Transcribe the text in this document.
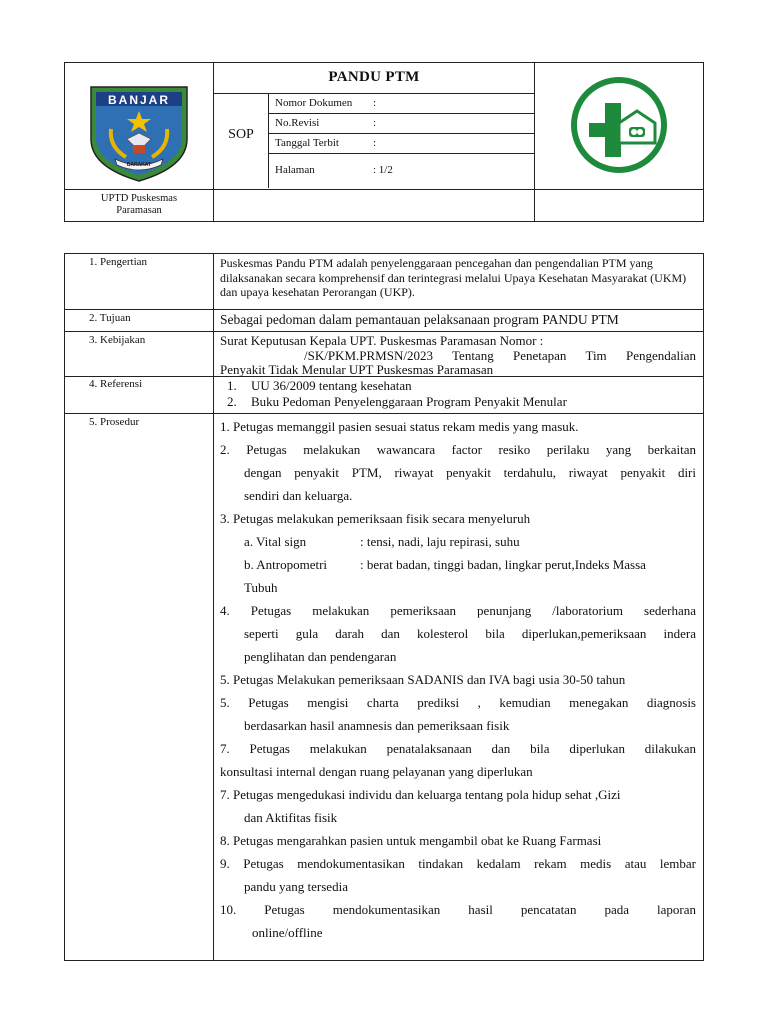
BANJAR
BARAKAT
PANDU PTM
SOP
Nomor Dokumen :
No.Revisi	:
Tanggal Terbit	:
Halaman	: 1/2
UPTD Puskesmas
Paramasan
1. Pengertian	Puskesmas Pandu PTM adalah penyelenggaraan pencegahan dan pengendalian PTM yang dilaksanakan secara komprehensif dan terintegrasi melalui Upaya Kesehatan Masyarakat (UKM) dan upaya kesehatan Perorangan (UKP).
2. Tujuan	Sebagai pedoman dalam pemantauan pelaksanaan program PANDU PTM
3. Kebijakan	Surat Keputusan Kepala UPT. Puskesmas Paramasan Nomor :
/SK/PKM.PRMSN/2023 Tentang Penetapan Tim Pengendalian
Penyakit Tidak Menular UPT Puskesmas Paramasan
4. Referensi	1. UU 36/2009 tentang kesehatan
2. Buku Pedoman Penyelenggaraan Program Penyakit Menular
5. Prosedur	1. Petugas memanggil pasien sesuai status rekam medis yang masuk.
2. Petugas melakukan wawancara factor resiko perilaku yang berkaitan
dengan penyakit PTM, riwayat penyakit terdahulu, riwayat penyakit diri
sendiri dan keluarga.
3. Petugas melakukan pemeriksaan fisik secara menyeluruh
a. Vital sign	: tensi, nadi, laju repirasi, suhu
b. Antropometri	: berat badan, tinggi badan, lingkar perut,Indeks Massa
Tubuh
4. Petugas melakukan pemeriksaan penunjang /laboratorium sederhana
seperti gula darah dan kolesterol bila diperlukan,pemeriksaan indera
penglihatan dan pendengaran
5. Petugas Melakukan pemeriksaan SADANIS dan IVA bagi usia 30-50 tahun
5. Petugas mengisi charta prediksi , kemudian menegakan diagnosis
berdasarkan hasil anamnesis dan pemeriksaan fisik
7. Petugas melakukan penatalaksanaan dan bila diperlukan dilakukan
konsultasi internal dengan ruang pelayanan yang diperlukan
7. Petugas mengedukasi individu dan keluarga tentang pola hidup sehat ,Gizi
dan Aktifitas fisik
8. Petugas mengarahkan pasien untuk mengambil obat ke Ruang Farmasi
9. Petugas mendokumentasikan tindakan kedalam rekam medis atau lembar
pandu yang tersedia
10. Petugas mendokumentasikan hasil pencatatan pada laporan
online/offline
